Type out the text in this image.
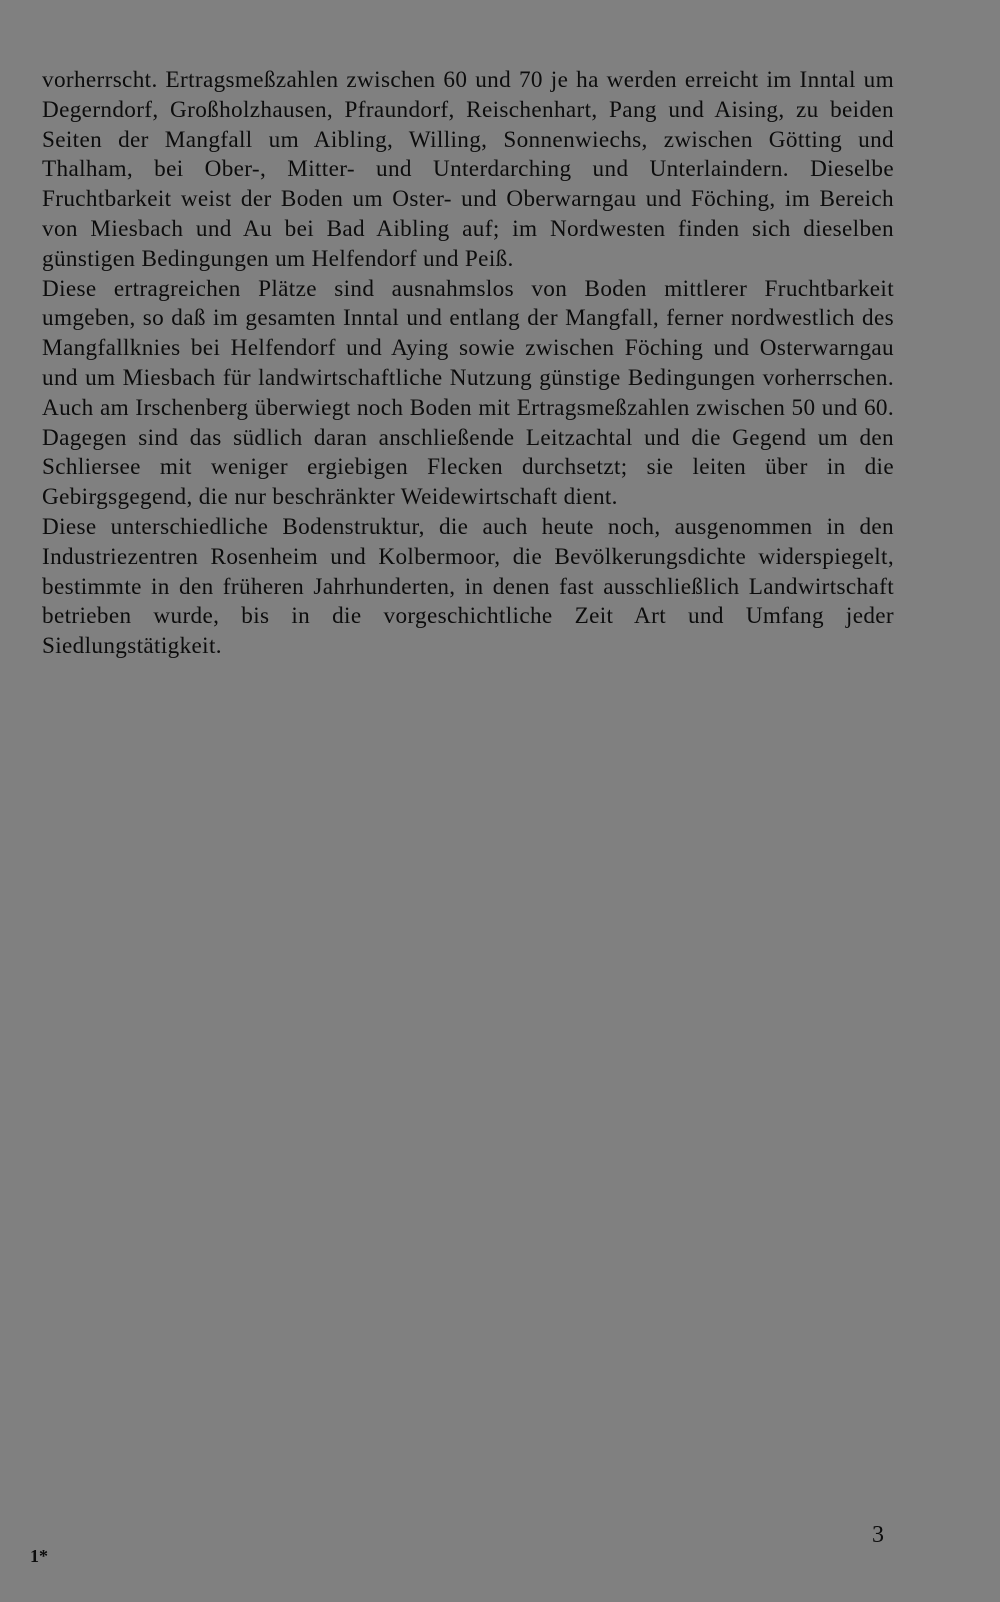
vorherrscht. Ertragsmeßzahlen zwischen 60 und 70 je ha werden erreicht im Inntal um Degerndorf, Großholzhausen, Pfraundorf, Reischenhart, Pang und Aising, zu beiden Seiten der Mangfall um Aibling, Willing, Sonnenwiechs, zwischen Götting und Thalham, bei Ober-, Mitter- und Unterdarching und Unterlaindern. Dieselbe Fruchtbarkeit weist der Boden um Oster- und Oberwarngau und Föching, im Bereich von Miesbach und Au bei Bad Aibling auf; im Nordwesten finden sich dieselben günstigen Bedingungen um Helfendorf und Peiß.

Diese ertragreichen Plätze sind ausnahmslos von Boden mittlerer Fruchtbarkeit umgeben, so daß im gesamten Inntal und entlang der Mangfall, ferner nordwestlich des Mangfallknies bei Helfendorf und Aying sowie zwischen Föching und Osterwarngau und um Miesbach für landwirtschaftliche Nutzung günstige Bedingungen vorherrschen. Auch am Irschenberg überwiegt noch Boden mit Ertragsmeßzahlen zwischen 50 und 60. Dagegen sind das südlich daran anschließende Leitzachtal und die Gegend um den Schliersee mit weniger ergiebigen Flecken durchsetzt; sie leiten über in die Gebirgsgegend, die nur beschränkter Weidewirtschaft dient.

Diese unterschiedliche Bodenstruktur, die auch heute noch, ausgenommen in den Industriezentren Rosenheim und Kolbermoor, die Bevölkerungsdichte widerspiegelt, bestimmte in den früheren Jahrhunderten, in denen fast ausschließlich Landwirtschaft betrieben wurde, bis in die vorgeschichtliche Zeit Art und Umfang jeder Siedlungstätigkeit.

3
1*
